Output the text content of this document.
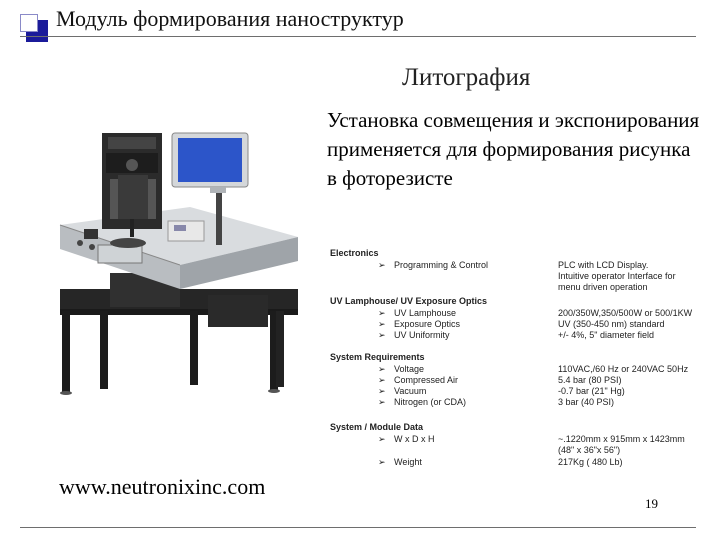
Модуль формирования наноструктур
Литография
Установка совмещения и экспонирования применяется для формирования рисунка в фоторезисте
Electronics
➢ Programming & Control	PLC with LCD Display.
Intuitive operator Interface for
menu driven operation
UV Lamphouse/ UV Exposure Optics
➢ UV Lamphouse	200/350W,350/500W or 500/1KW
➢ Exposure Optics	UV (350-450 nm) standard
➢ UV Uniformity	+/- 4%, 5" diameter field
System Requirements
➢ Voltage	110VAC,/60 Hz or 240VAC 50Hz
➢ Compressed Air	5.4 bar (80 PSI)
➢ Vacuum	-0.7 bar (21" Hg)
➢ Nitrogen (or CDA)	3 bar (40 PSI)
System / Module Data
➢ W x D x H	~.1220mm x 915mm x 1423mm
(48" x 36"x 56")
➢ Weight	217Kg ( 480 Lb)
www.neutronixinc.com
19
